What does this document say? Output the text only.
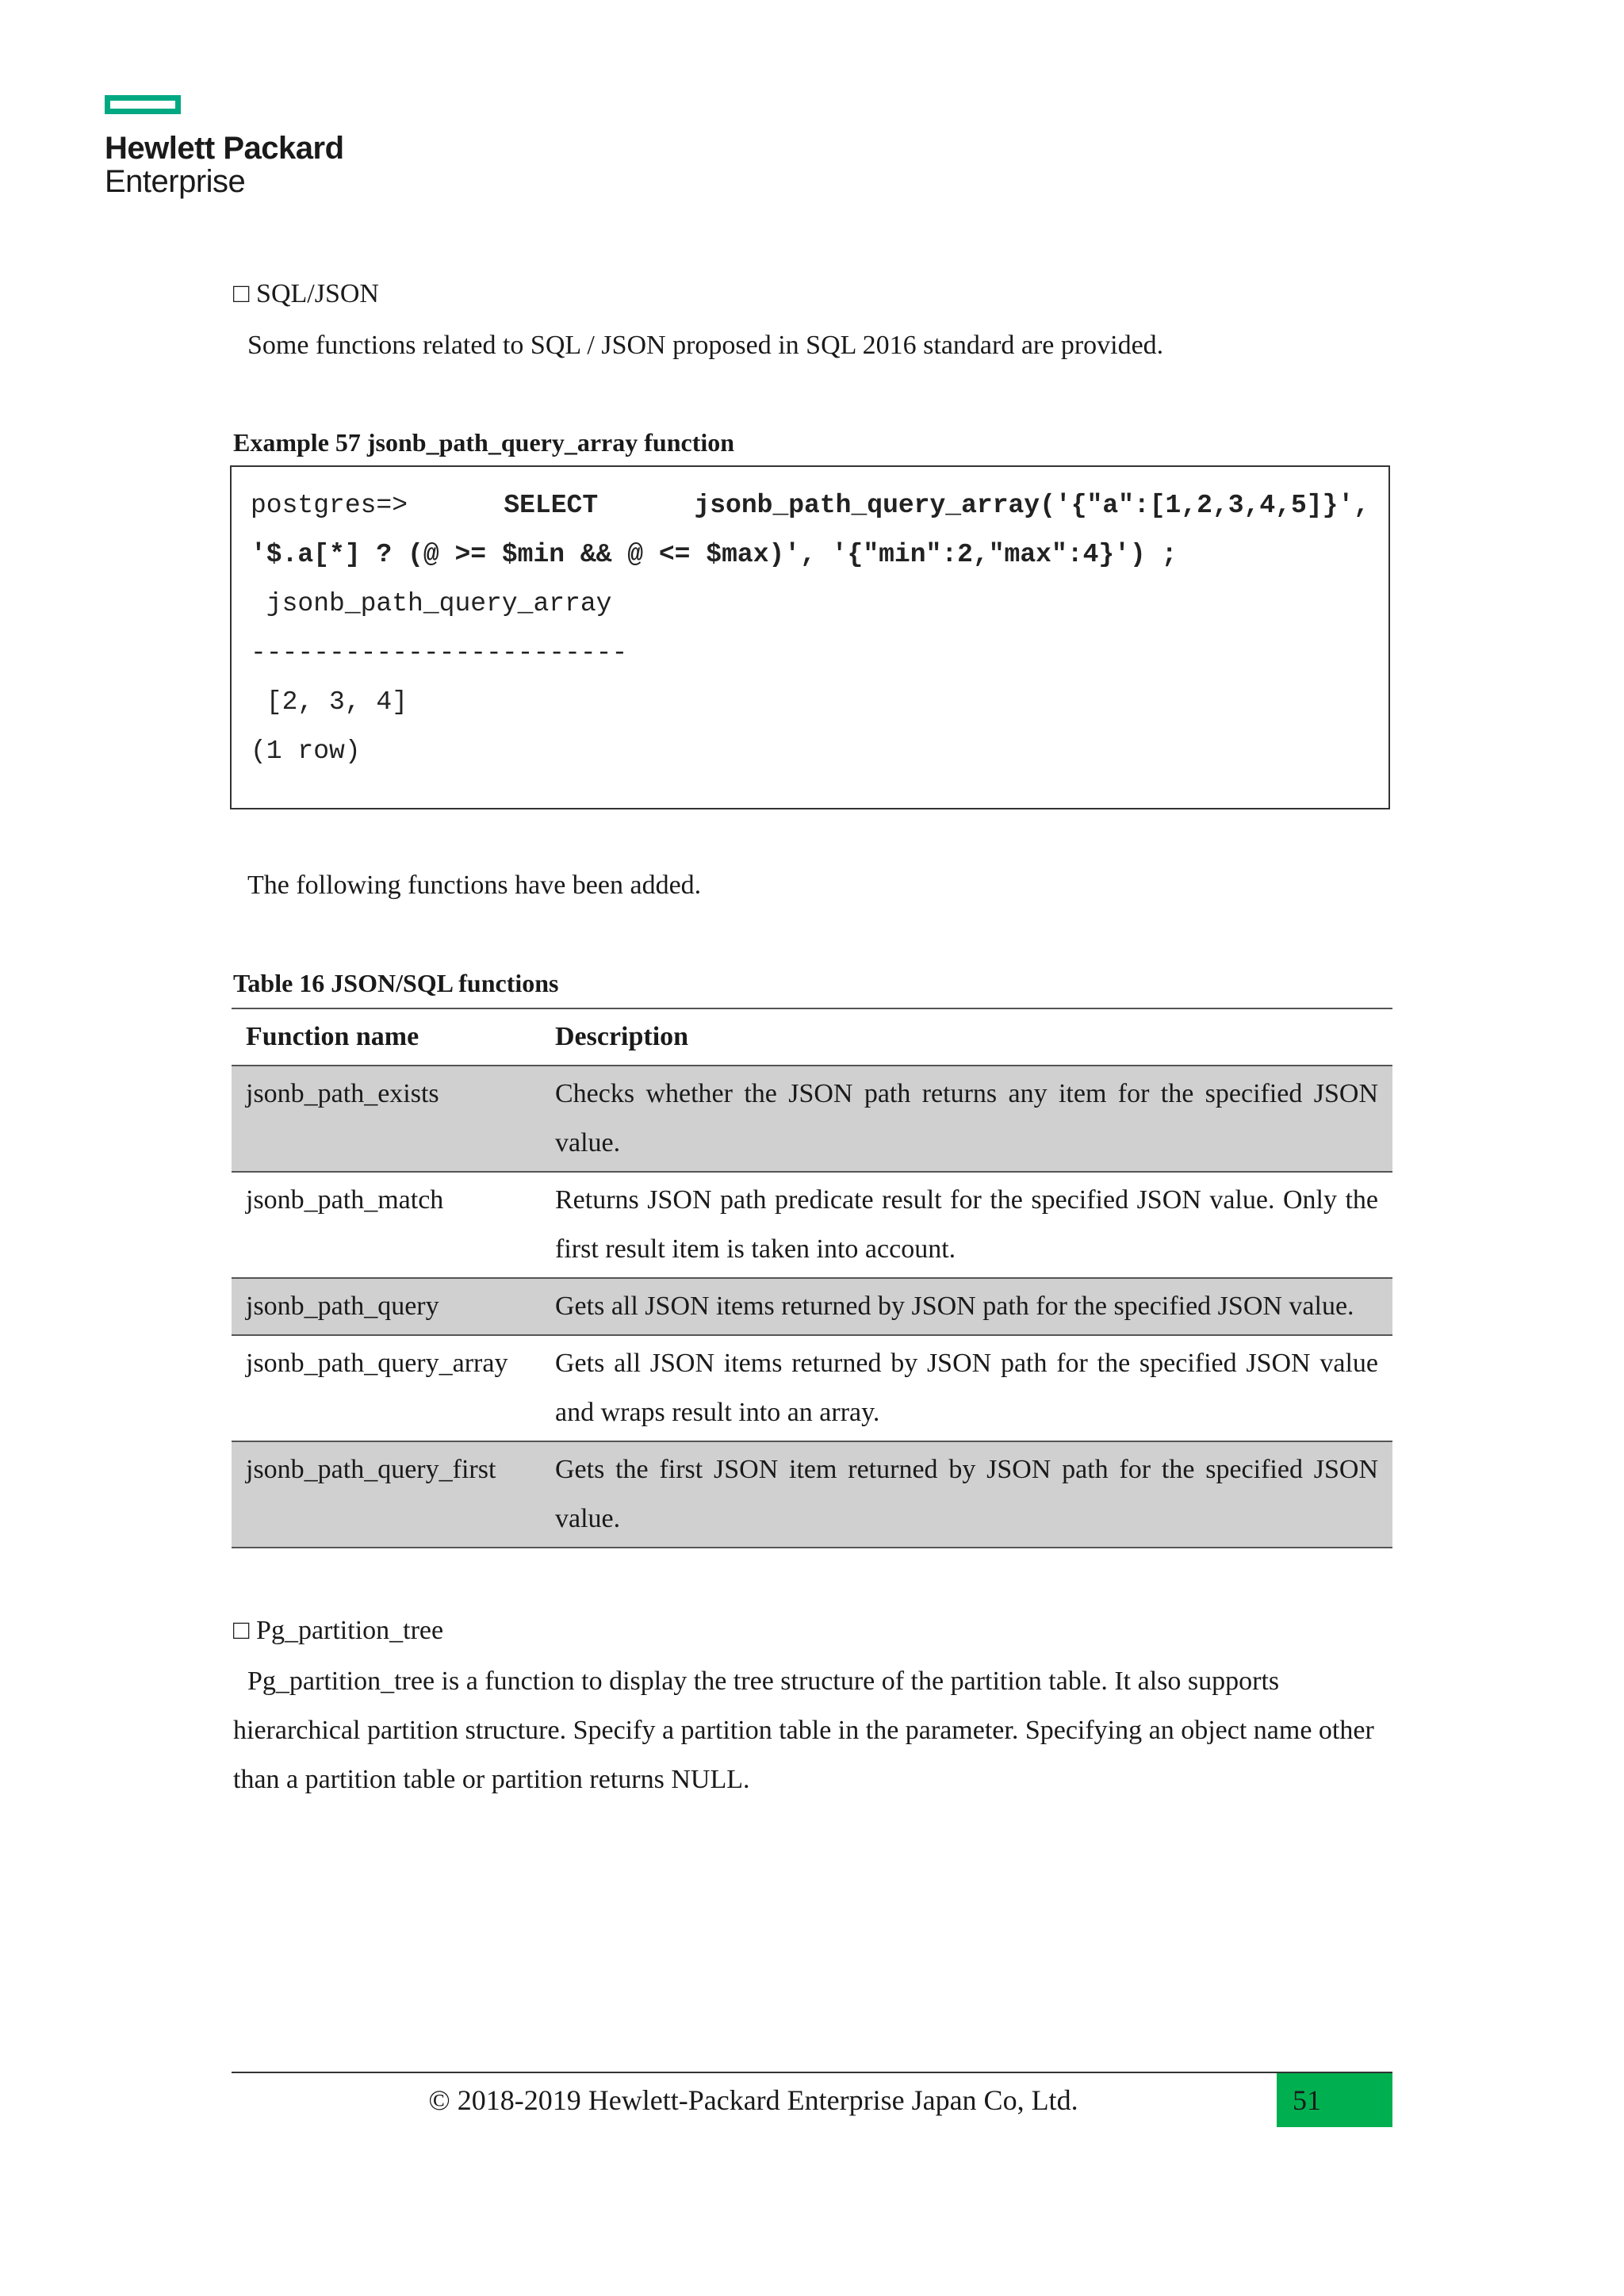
Hewlett Packard
Enterprise
□ SQL/JSON
Some functions related to SQL / JSON proposed in SQL 2016 standard are provided.
Example 57 jsonb_path_query_array function
postgres=>	SELECT	jsonb_path_query_array('{"a":[1,2,3,4,5]}',
'$.a[*] ? (@ >= $min && @ <= $max)', '{"min":2,"max":4}') ;
jsonb_path_query_array
------------------------
[2, 3, 4]
(1 row)
The following functions have been added.
Table 16 JSON/SQL functions
Function name	Description
jsonb_path_exists	Checks whether the JSON path returns any item for the specified JSON value.
jsonb_path_match	Returns JSON path predicate result for the specified JSON value. Only the first result item is taken into account.
jsonb_path_query	Gets all JSON items returned by JSON path for the specified JSON value.
jsonb_path_query_array	Gets all JSON items returned by JSON path for the specified JSON value and wraps result into an array.
jsonb_path_query_first	Gets the first JSON item returned by JSON path for the specified JSON value.
□ Pg_partition_tree
Pg_partition_tree is a function to display the tree structure of the partition table. It also supports hierarchical partition structure. Specify a partition table in the parameter. Specifying an object name other than a partition table or partition returns NULL.
© 2018-2019 Hewlett-Packard Enterprise Japan Co, Ltd.	51
